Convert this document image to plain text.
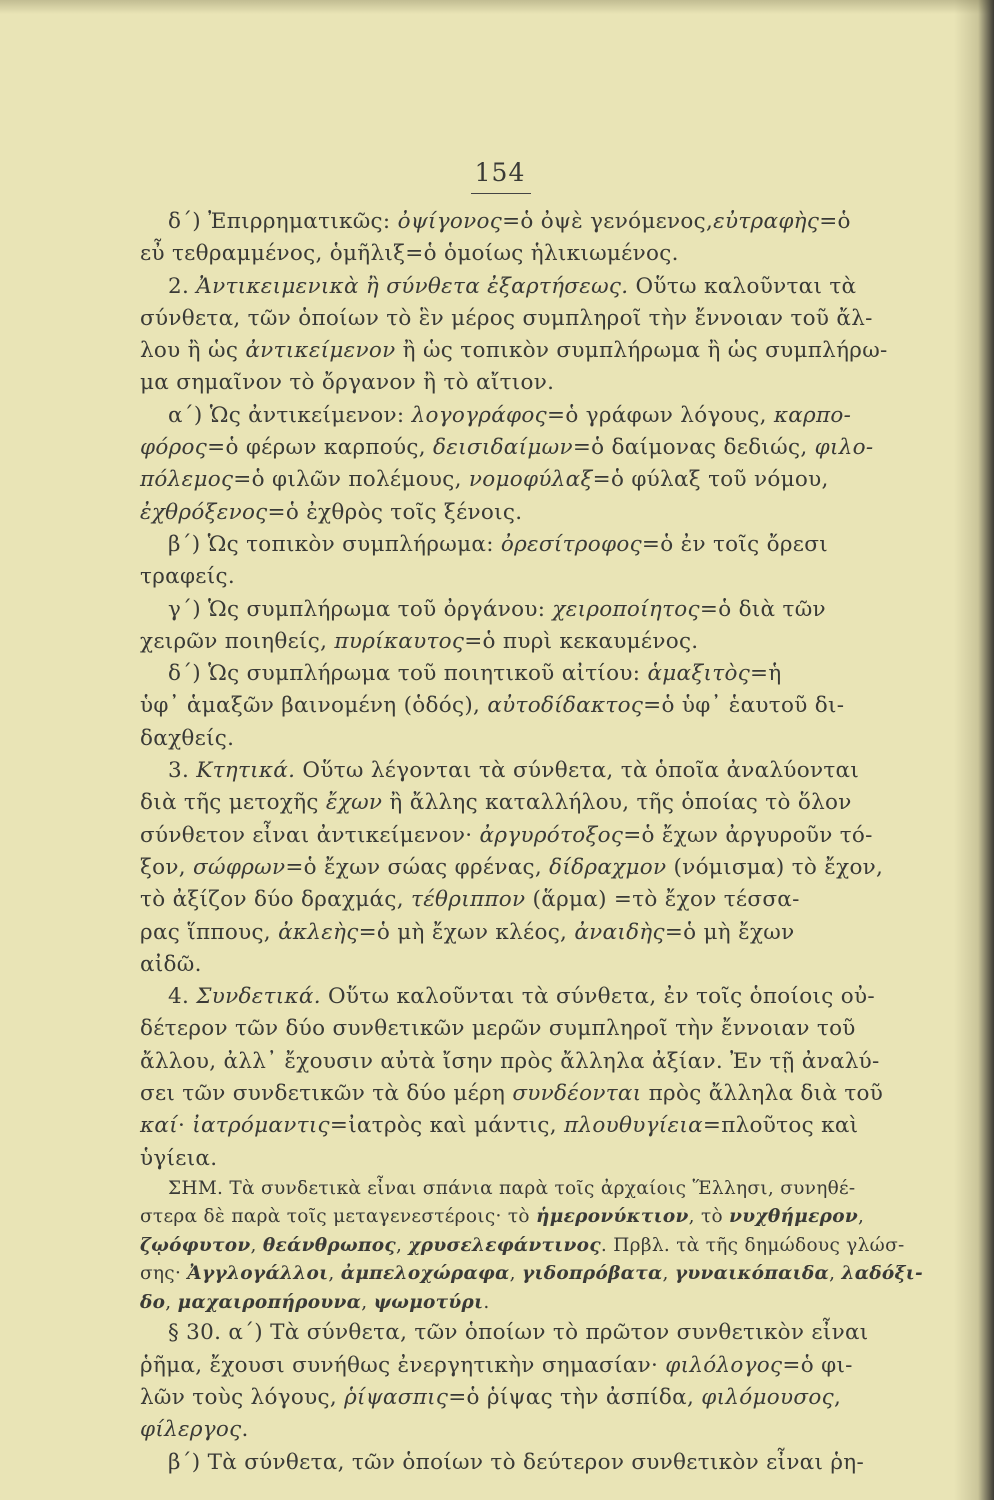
154
δ΄) Ἐπιρρηματικῶς: ὀψίγονος=ὁ ὀψὲ γενόμενος,εὐτραφὴς=ὁ
εὖ τεθραμμένος, ὁμῆλιξ=ὁ ὁμοίως ἡλικιωμένος.
2. Ἀντικειμενικὰ ἢ σύνθετα ἐξαρτήσεως. Οὕτω καλοῦνται τὰ
σύνθετα, τῶν ὁποίων τὸ ἓν μέρος συμπληροῖ τὴν ἔννοιαν τοῦ ἄλ-
λου ἢ ὡς ἀντικείμενον ἢ ὡς τοπικὸν συμπλήρωμα ἢ ὡς συμπλήρω-
μα σημαῖνον τὸ ὄργανον ἢ τὸ αἴτιον.
α΄) Ὡς ἀντικείμενον: λογογράφος=ὁ γράφων λόγους, καρπο-
φόρος=ὁ φέρων καρπούς, δεισιδαίμων=ὁ δαίμονας δεδιώς, φιλο-
πόλεμος=ὁ φιλῶν πολέμους, νομοφύλαξ=ὁ φύλαξ τοῦ νόμου,
ἐχθρόξενος=ὁ ἐχθρὸς τοῖς ξένοις.
β΄) Ὡς τοπικὸν συμπλήρωμα: ὀρεσίτροφος=ὁ ἐν τοῖς ὄρεσι
τραφείς.
γ΄) Ὡς συμπλήρωμα τοῦ ὀργάνου: χειροποίητος=ὁ διὰ τῶν
χειρῶν ποιηθείς, πυρίκαυτος=ὁ πυρὶ κεκαυμένος.
δ΄) Ὡς συμπλήρωμα τοῦ ποιητικοῦ αἰτίου: ἁμαξιτὸς=ἡ
ὑφ᾽ ἁμαξῶν βαινομένη (ὁδός), αὐτοδίδακτος=ὁ ὑφ᾽ ἑαυτοῦ δι-
δαχθείς.
3. Κτητικά. Οὕτω λέγονται τὰ σύνθετα, τὰ ὁποῖα ἀναλύονται
διὰ τῆς μετοχῆς ἔχων ἢ ἄλλης καταλλήλου, τῆς ὁποίας τὸ ὅλον
σύνθετον εἶναι ἀντικείμενον· ἀργυρότοξος=ὁ ἔχων ἀργυροῦν τό-
ξον, σώφρων=ὁ ἔχων σώας φρένας, δίδραχμον (νόμισμα) τὸ ἔχον,
τὸ ἀξίζον δύο δραχμάς, τέθριππον (ἅρμα) =τὸ ἔχον τέσσα-
ρας ἵππους, ἀκλεὴς=ὁ μὴ ἔχων κλέος, ἀναιδὴς=ὁ μὴ ἔχων
αἰδῶ.
4. Συνδετικά. Οὕτω καλοῦνται τὰ σύνθετα, ἐν τοῖς ὁποίοις οὐ-
δέτερον τῶν δύο συνθετικῶν μερῶν συμπληροῖ τὴν ἔννοιαν τοῦ
ἄλλου, ἀλλ᾽ ἔχουσιν αὐτὰ ἴσην πρὸς ἄλληλα ἀξίαν. Ἐν τῇ ἀναλύ-
σει τῶν συνδετικῶν τὰ δύο μέρη συνδέονται πρὸς ἄλληλα διὰ τοῦ
καί· ἰατρόμαντις=ἰατρὸς καὶ μάντις, πλουθυγίεια=πλοῦτος καὶ
ὑγίεια.
ΣΗΜ. Τὰ συνδετικὰ εἶναι σπάνια παρὰ τοῖς ἀρχαίοις Ἕλλησι, συνηθέ-
στερα δὲ παρὰ τοῖς μεταγενεστέροις· τὸ ἡμερονύκτιον, τὸ νυχθήμερον,
ζῳόφυτον, θεάνθρωπος, χρυσελεφάντινος. Πρβλ. τὰ τῆς δημώδους γλώσ-
σης· Ἀγγλογάλλοι, ἀμπελοχώραφα, γιδοπρόβατα, γυναικόπαιδα, λαδόξι-
δο, μαχαιροπήρουνα, ψωμοτύρι.
§ 30. α΄) Τὰ σύνθετα, τῶν ὁποίων τὸ πρῶτον συνθετικὸν εἶναι
ῥῆμα, ἔχουσι συνήθως ἐνεργητικὴν σημασίαν· φιλόλογος=ὁ φι-
λῶν τοὺς λόγους, ῥίψασπις=ὁ ῥίψας τὴν ἀσπίδα, φιλόμουσος,
φίλεργος.
β΄) Τὰ σύνθετα, τῶν ὁποίων τὸ δεύτερον συνθετικὸν εἶναι ῥη-
